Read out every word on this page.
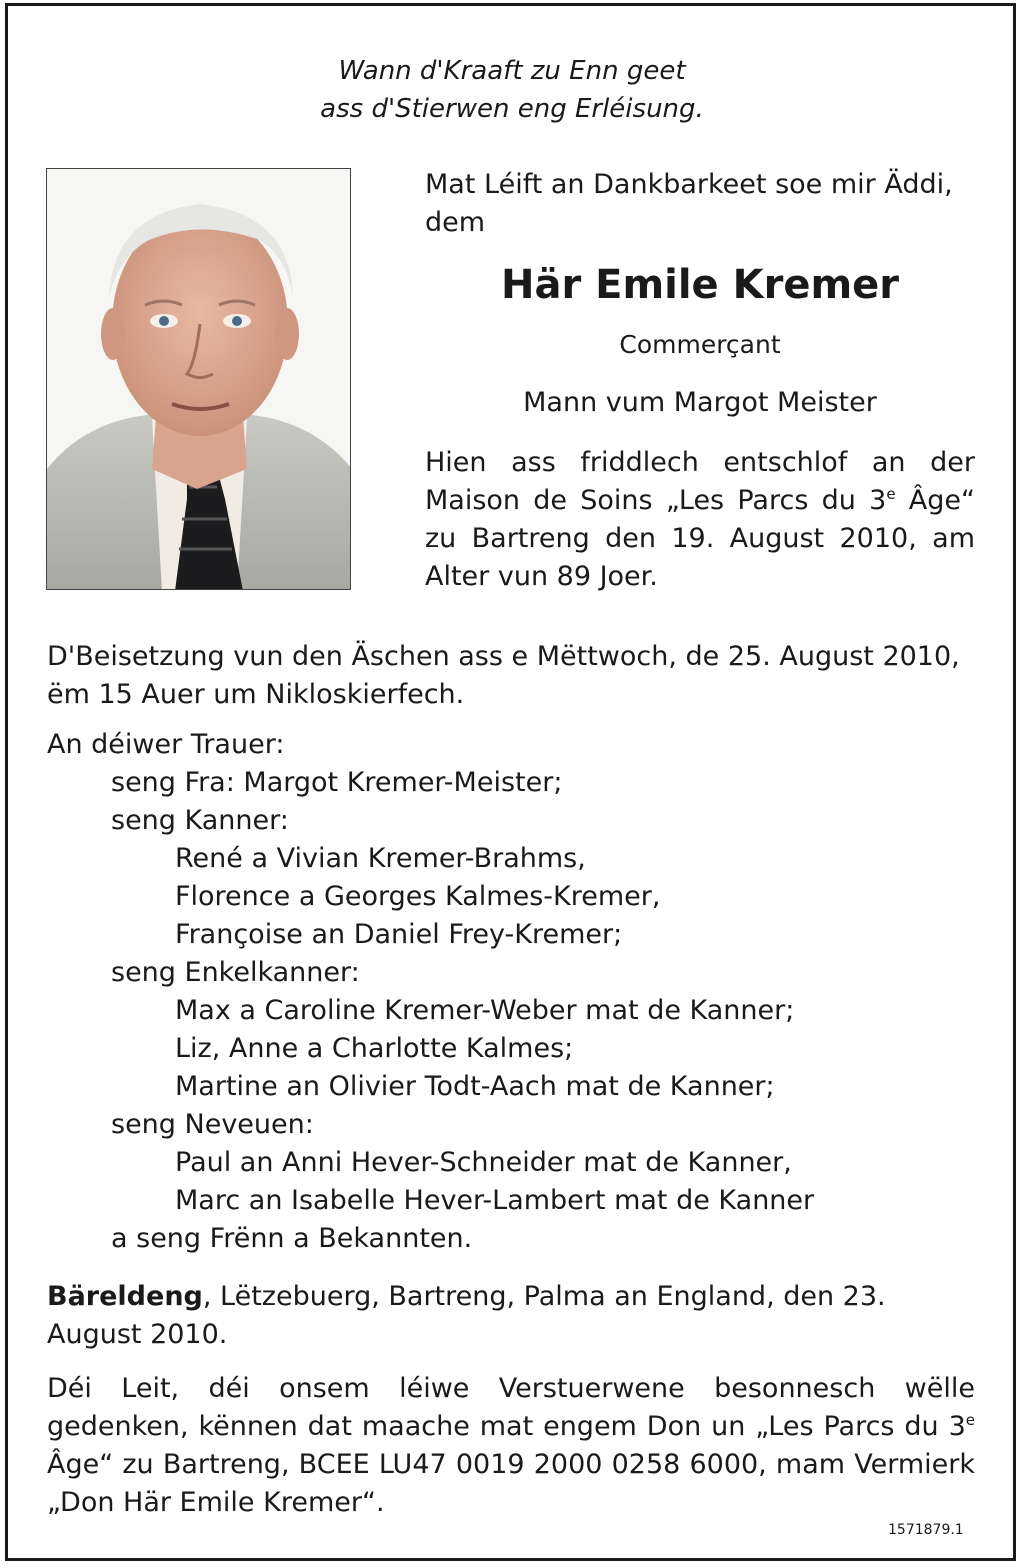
Wann d'Kraaft zu Enn geet
ass d'Stierwen eng Erléisung.
Mat Léift an Dankbarkeet soe mir Äddi,
dem
Här Emile Kremer
Commerçant
Mann vum Margot Meister
Hien ass friddlech entschlof an der Maison de Soins „Les Parcs du 3e Âge“ zu Bartreng den 19. August 2010, am Alter vun 89 Joer.
D'Beisetzung vun den Äschen ass e Mëttwoch, de 25. August 2010, ëm 15 Auer um Nikloskierfech.
An déiwer Trauer:
seng Fra: Margot Kremer-Meister;
seng Kanner:
René a Vivian Kremer-Brahms,
Florence a Georges Kalmes-Kremer,
Françoise an Daniel Frey-Kremer;
seng Enkelkanner:
Max a Caroline Kremer-Weber mat de Kanner;
Liz, Anne a Charlotte Kalmes;
Martine an Olivier Todt-Aach mat de Kanner;
seng Neveuen:
Paul an Anni Hever-Schneider mat de Kanner,
Marc an Isabelle Hever-Lambert mat de Kanner
a seng Frënn a Bekannten.
Bäreldeng, Lëtzebuerg, Bartreng, Palma an England, den 23. August 2010.
Déi Leit, déi onsem léiwe Verstuerwene besonnesch wëlle gedenken, kënnen dat maache mat engem Don un „Les Parcs du 3e Âge“ zu Bartreng, BCEE LU47 0019 2000 0258 6000, mam Vermierk „Don Här Emile Kremer“.
1571879.1
